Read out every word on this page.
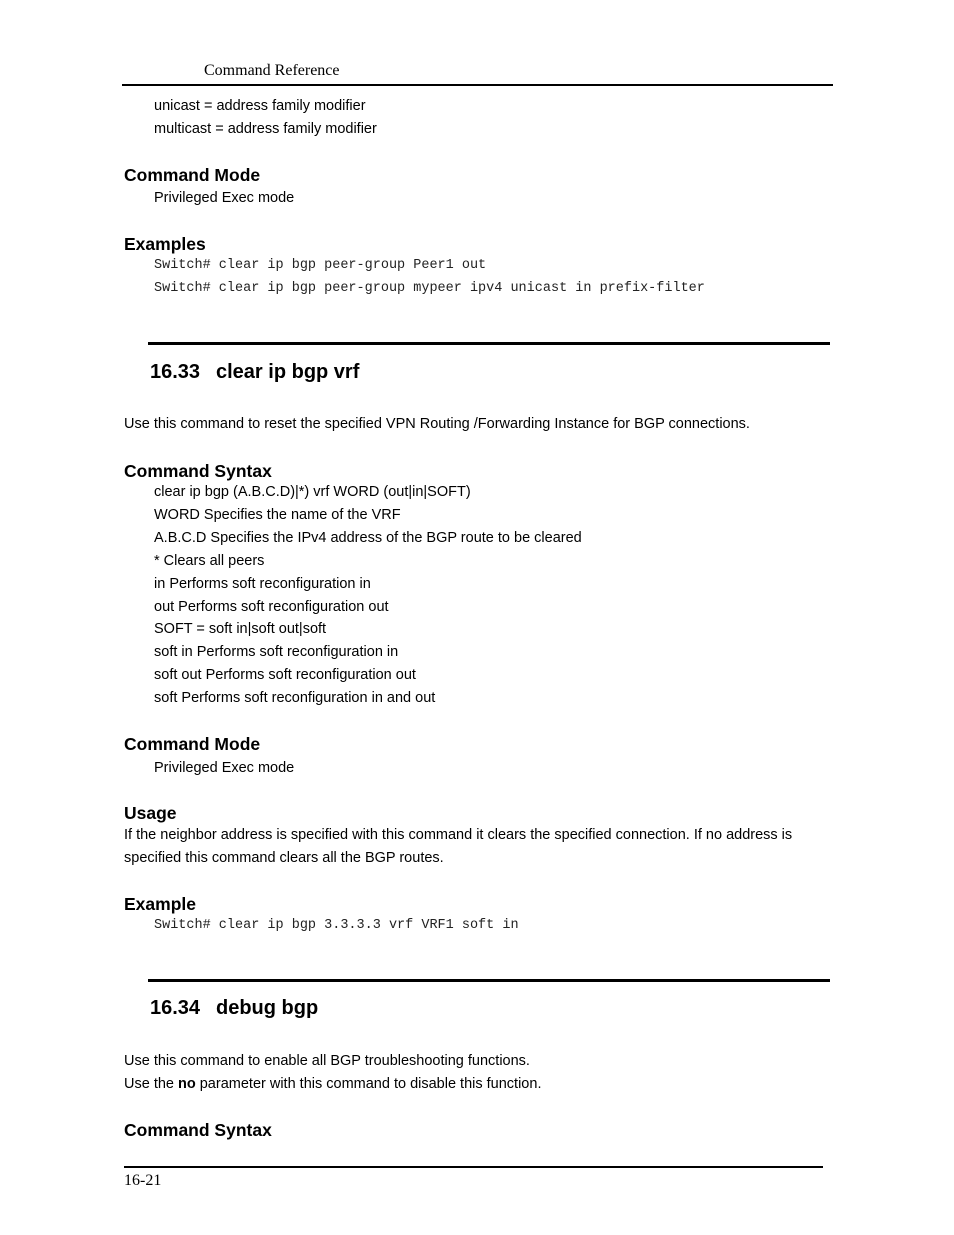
Command Reference
unicast = address family modifier
multicast = address family modifier
Command Mode
Privileged Exec mode
Examples
Switch# clear ip bgp peer-group Peer1 out
Switch# clear ip bgp peer-group mypeer ipv4 unicast in prefix-filter
16.33 clear ip bgp vrf
Use this command to reset the specified VPN Routing /Forwarding Instance for BGP connections.
Command Syntax
clear ip bgp (A.B.C.D)|*) vrf WORD (out|in|SOFT)
WORD Specifies the name of the VRF
A.B.C.D Specifies the IPv4 address of the BGP route to be cleared
* Clears all peers
in Performs soft reconfiguration in
out Performs soft reconfiguration out
SOFT = soft in|soft out|soft
soft in Performs soft reconfiguration in
soft out Performs soft reconfiguration out
soft Performs soft reconfiguration in and out
Command Mode
Privileged Exec mode
Usage
If the neighbor address is specified with this command it clears the specified connection. If no address is
specified this command clears all the BGP routes.
Example
Switch# clear ip bgp 3.3.3.3 vrf VRF1 soft in
16.34 debug bgp
Use this command to enable all BGP troubleshooting functions.
Use the no parameter with this command to disable this function.
Command Syntax
16-21
